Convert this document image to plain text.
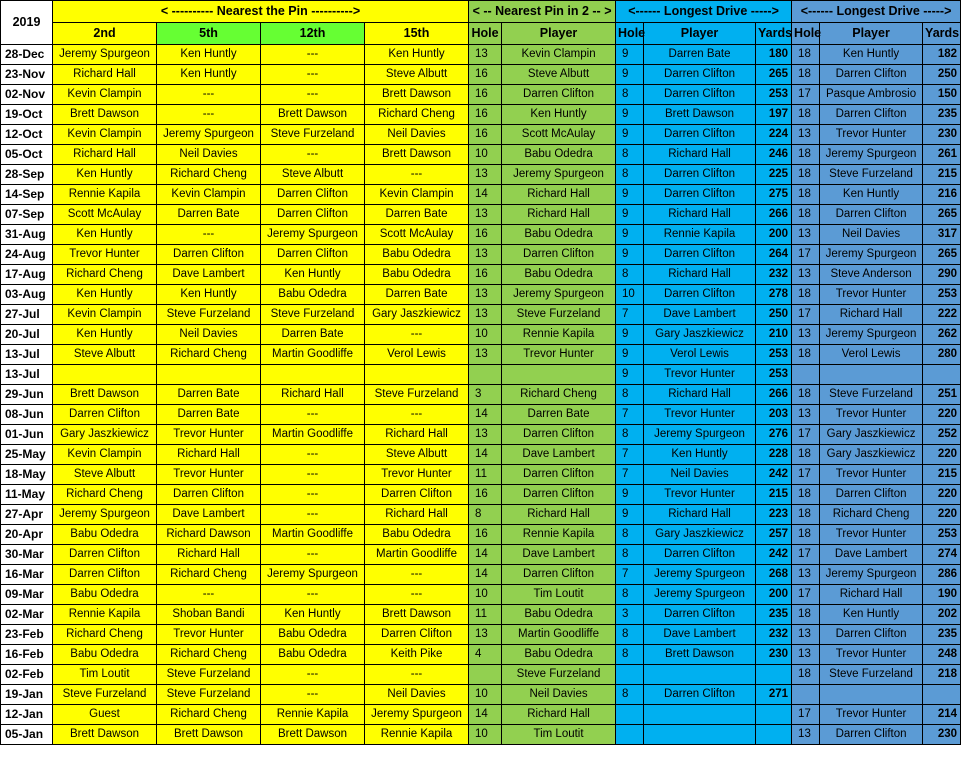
2019	< ---------- Nearest the Pin ---------->				< -- Nearest Pin in 2 -- >		<------ Longest Drive ----->			<------ Longest Drive ----->		
	2nd	5th	12th	15th	Hole	Player	Hole	Player	Yards	Hole	Player	Yards
28-Dec	Jeremy Spurgeon	Ken Huntly	---	Ken Huntly	13	Kevin Clampin	9	Darren Bate	180	18	Ken Huntly	182
23-Nov	Richard Hall	Ken Huntly	---	Steve Albutt	16	Steve Albutt	9	Darren Clifton	265	18	Darren Clifton	250
02-Nov	Kevin Clampin	---	---	Brett Dawson	16	Darren Clifton	8	Darren Clifton	253	17	Pasque Ambrosio	150
19-Oct	Brett Dawson	---	Brett Dawson	Richard Cheng	16	Ken Huntly	9	Brett Dawson	197	18	Darren Clifton	235
12-Oct	Kevin Clampin	Jeremy Spurgeon	Steve Furzeland	Neil Davies	16	Scott McAulay	9	Darren Clifton	224	13	Trevor Hunter	230
05-Oct	Richard Hall	Neil Davies	---	Brett Dawson	10	Babu Odedra	8	Richard Hall	246	18	Jeremy Spurgeon	261
28-Sep	Ken Huntly	Richard Cheng	Steve Albutt	---	13	Jeremy Spurgeon	8	Darren Clifton	225	18	Steve Furzeland	215
14-Sep	Rennie Kapila	Kevin Clampin	Darren Clifton	Kevin Clampin	14	Richard Hall	9	Darren Clifton	275	18	Ken Huntly	216
07-Sep	Scott McAulay	Darren Bate	Darren Clifton	Darren Bate	13	Richard Hall	9	Richard Hall	266	18	Darren Clifton	265
31-Aug	Ken Huntly	---	Jeremy Spurgeon	Scott McAulay	16	Babu Odedra	9	Rennie Kapila	200	13	Neil Davies	317
24-Aug	Trevor Hunter	Darren Clifton	Darren Clifton	Babu Odedra	13	Darren Clifton	9	Darren Clifton	264	17	Jeremy Spurgeon	265
17-Aug	Richard Cheng	Dave Lambert	Ken Huntly	Babu Odedra	16	Babu Odedra	8	Richard Hall	232	13	Steve Anderson	290
03-Aug	Ken Huntly	Ken Huntly	Babu Odedra	Darren Bate	13	Jeremy Spurgeon	10	Darren Clifton	278	18	Trevor Hunter	253
27-Jul	Kevin Clampin	Steve Furzeland	Steve Furzeland	Gary Jaszkiewicz	13	Steve Furzeland	7	Dave Lambert	250	17	Richard Hall	222
20-Jul	Ken Huntly	Neil Davies	Darren Bate	---	10	Rennie Kapila	9	Gary Jaszkiewicz	210	13	Jeremy Spurgeon	262
13-Jul	Steve Albutt	Richard Cheng	Martin Goodliffe	Verol Lewis	13	Trevor Hunter	9	Verol Lewis	253	18	Verol Lewis	280
13-Jul							9	Trevor Hunter	253			
29-Jun	Brett Dawson	Darren Bate	Richard Hall	Steve Furzeland	3	Richard Cheng	8	Richard Hall	266	18	Steve Furzeland	251
08-Jun	Darren Clifton	Darren Bate	---	---	14	Darren Bate	7	Trevor Hunter	203	13	Trevor Hunter	220
01-Jun	Gary Jaszkiewicz	Trevor Hunter	Martin Goodliffe	Richard Hall	13	Darren Clifton	8	Jeremy Spurgeon	276	17	Gary Jaszkiewicz	252
25-May	Kevin Clampin	Richard Hall	---	Steve Albutt	14	Dave Lambert	7	Ken Huntly	228	18	Gary Jaszkiewicz	220
18-May	Steve Albutt	Trevor Hunter	---	Trevor Hunter	11	Darren Clifton	7	Neil Davies	242	17	Trevor Hunter	215
11-May	Richard Cheng	Darren Clifton	---	Darren Clifton	16	Darren Clifton	9	Trevor Hunter	215	18	Darren Clifton	220
27-Apr	Jeremy Spurgeon	Dave Lambert	---	Richard Hall	8	Richard Hall	9	Richard Hall	223	18	Richard Cheng	220
20-Apr	Babu Odedra	Richard Dawson	Martin Goodliffe	Babu Odedra	16	Rennie Kapila	8	Gary Jaszkiewicz	257	18	Trevor Hunter	253
30-Mar	Darren Clifton	Richard Hall	---	Martin Goodliffe	14	Dave Lambert	8	Darren Clifton	242	17	Dave Lambert	274
16-Mar	Darren Clifton	Richard Cheng	Jeremy Spurgeon	---	14	Darren Clifton	7	Jeremy Spurgeon	268	13	Jeremy Spurgeon	286
09-Mar	Babu Odedra	---	---	---	10	Tim Loutit	8	Jeremy Spurgeon	200	17	Richard Hall	190
02-Mar	Rennie Kapila	Shoban Bandi	Ken Huntly	Brett Dawson	11	Babu Odedra	3	Darren Clifton	235	18	Ken Huntly	202
23-Feb	Richard Cheng	Trevor Hunter	Babu Odedra	Darren Clifton	13	Martin Goodliffe	8	Dave Lambert	232	13	Darren Clifton	235
16-Feb	Babu Odedra	Richard Cheng	Babu Odedra	Keith Pike	4	Babu Odedra	8	Brett Dawson	230	13	Trevor Hunter	248
02-Feb	Tim Loutit	Steve Furzeland	---	---		Steve Furzeland				18	Steve Furzeland	218
19-Jan	Steve Furzeland	Steve Furzeland	---	Neil Davies	10	Neil Davies	8	Darren Clifton	271			
12-Jan	Guest	Richard Cheng	Rennie Kapila	Jeremy Spurgeon	14	Richard Hall				17	Trevor Hunter	214
05-Jan	Brett Dawson	Brett Dawson	Brett Dawson	Rennie Kapila	10	Tim Loutit				13	Darren Clifton	230
